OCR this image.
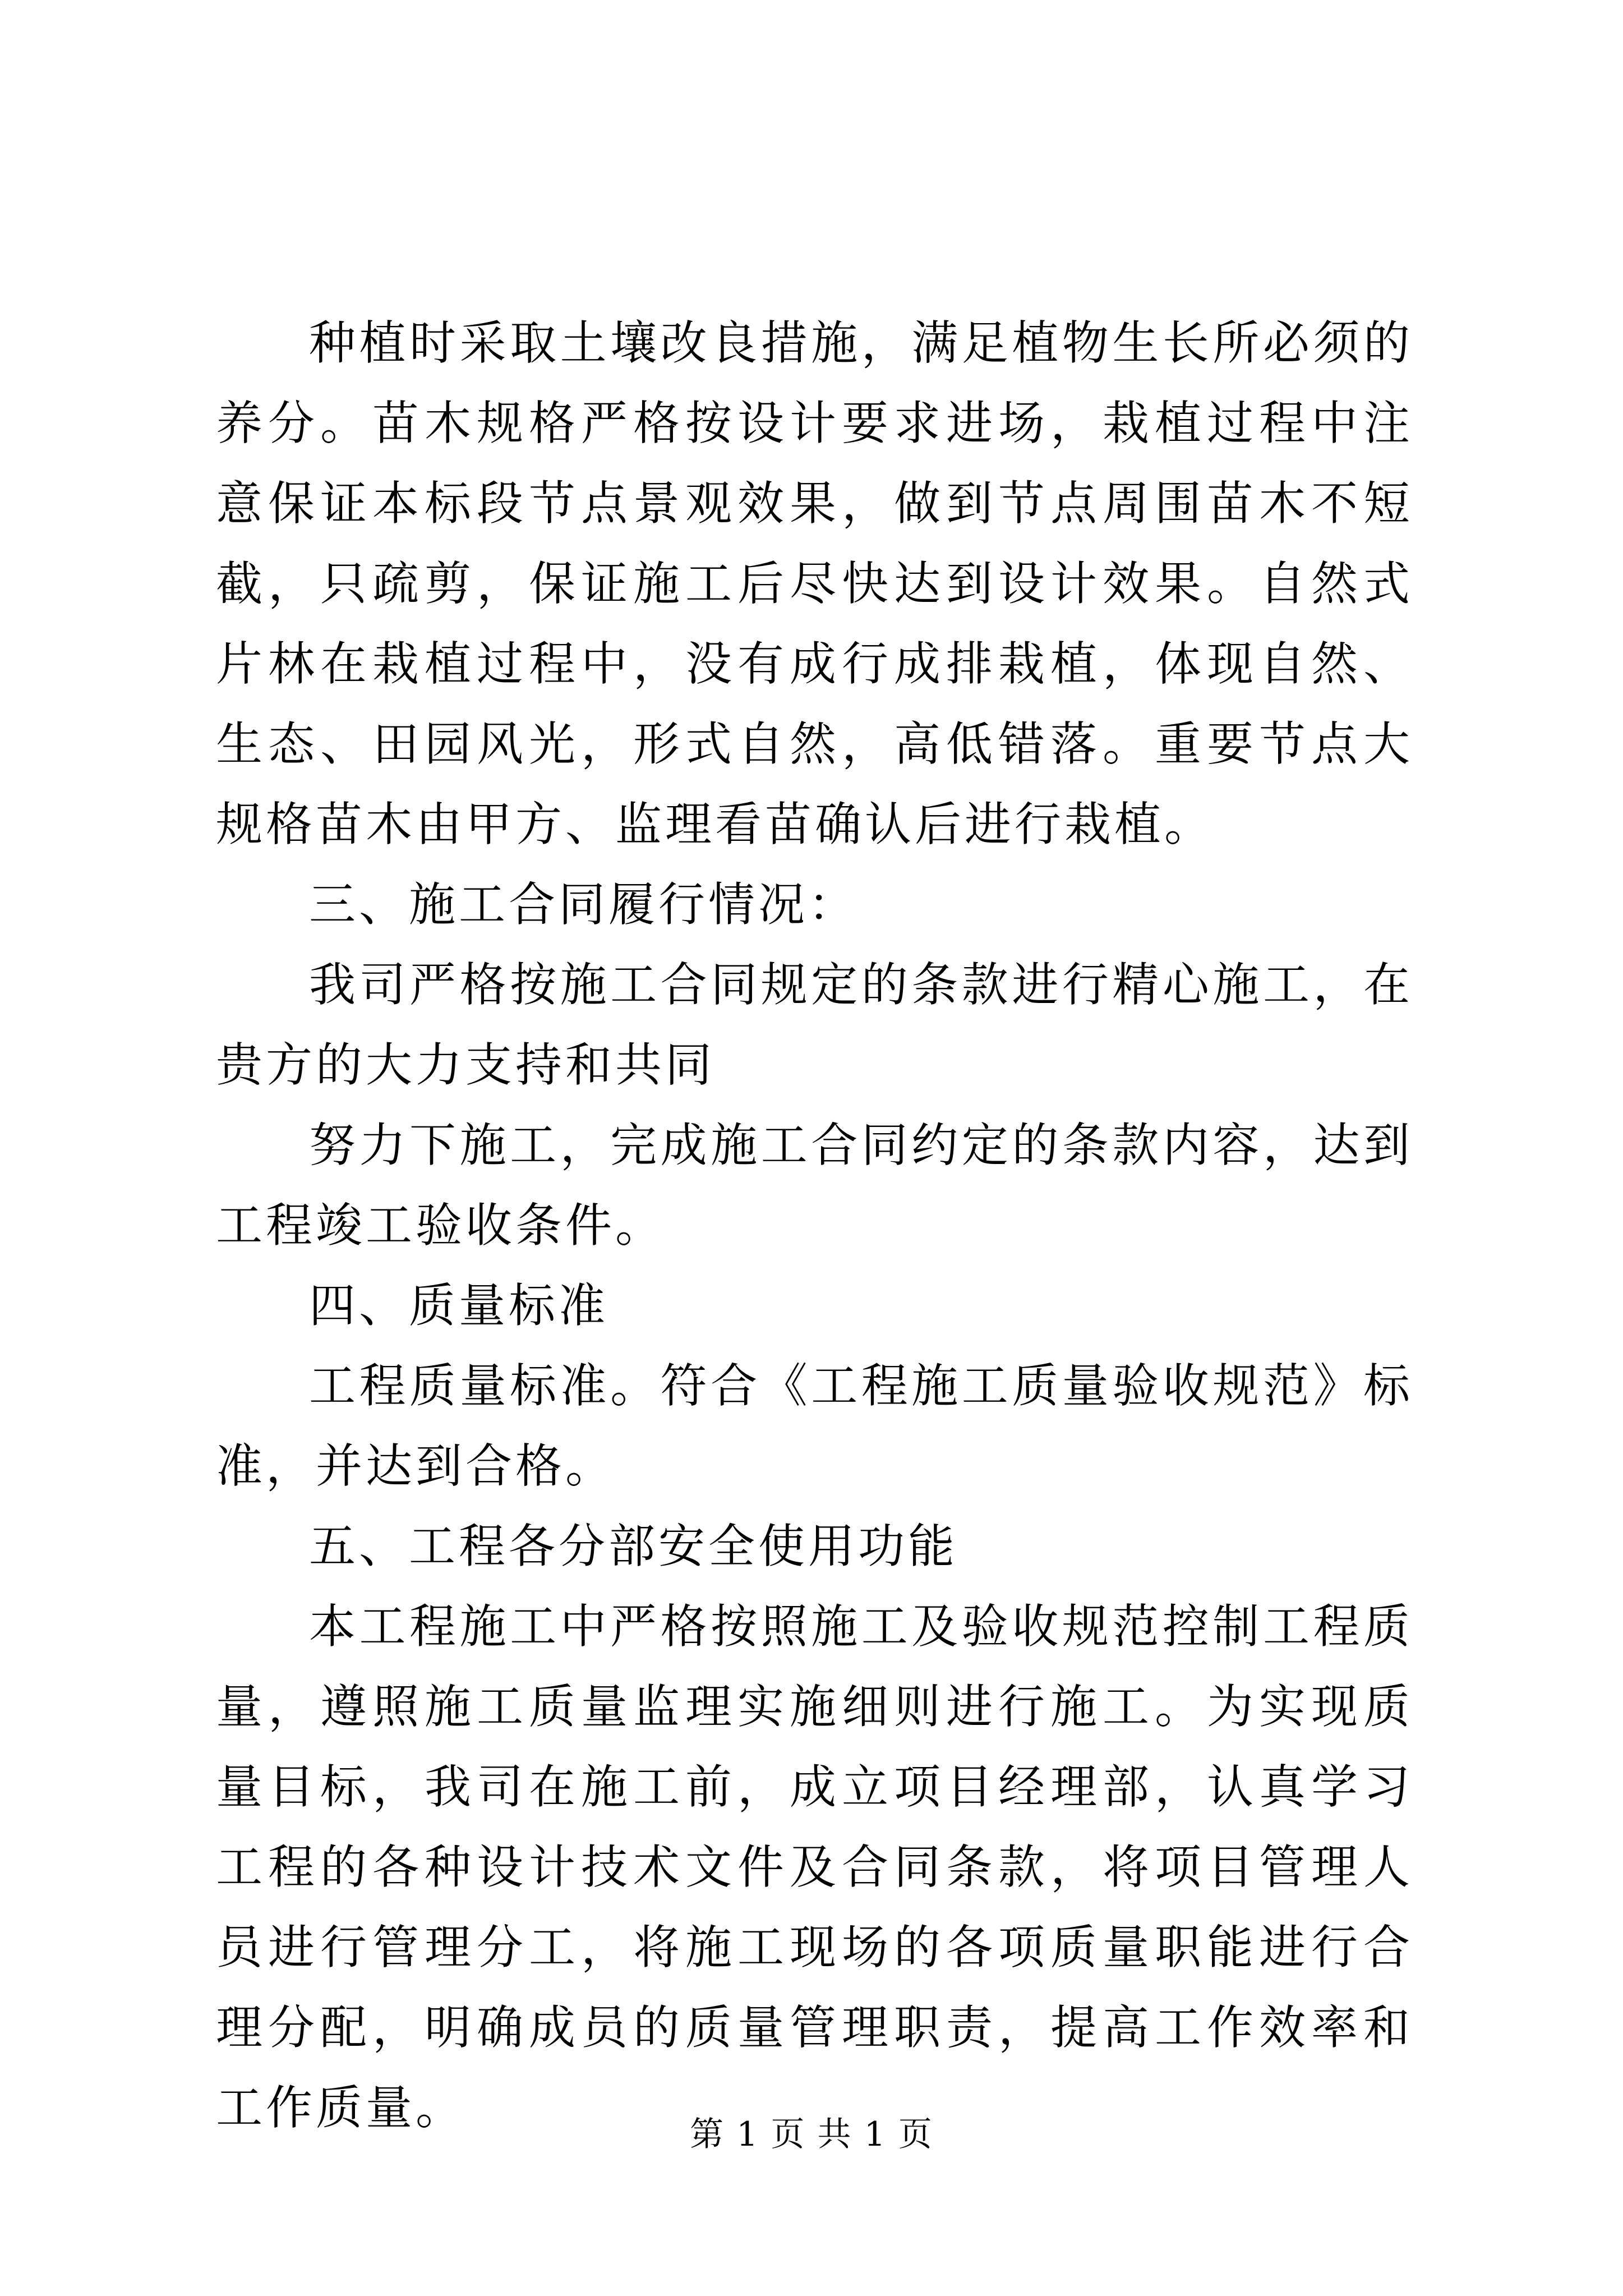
种植时采取土壤改良措施，满足植物生长所必须的养分。苗木规格严格按设计要求进场，栽植过程中注意保证本标段节点景观效果，做到节点周围苗木不短截，只疏剪，保证施工后尽快达到设计效果。自然式片林在栽植过程中，没有成行成排栽植，体现自然、生态、田园风光，形式自然，高低错落。重要节点大规格苗木由甲方、监理看苗确认后进行栽植。

三、施工合同履行情况：

我司严格按施工合同规定的条款进行精心施工，在贵方的大力支持和共同

努力下施工，完成施工合同约定的条款内容，达到工程竣工验收条件。

四、质量标准

工程质量标准。符合《工程施工质量验收规范》标准，并达到合格。

五、工程各分部安全使用功能

本工程施工中严格按照施工及验收规范控制工程质量，遵照施工质量监理实施细则进行施工。为实现质量目标，我司在施工前，成立项目经理部，认真学习工程的各种设计技术文件及合同条款，将项目管理人员进行管理分工，将施工现场的各项质量职能进行合理分配，明确成员的质量管理职责，提高工作效率和工作质量。	第 1 页 共 1 页
